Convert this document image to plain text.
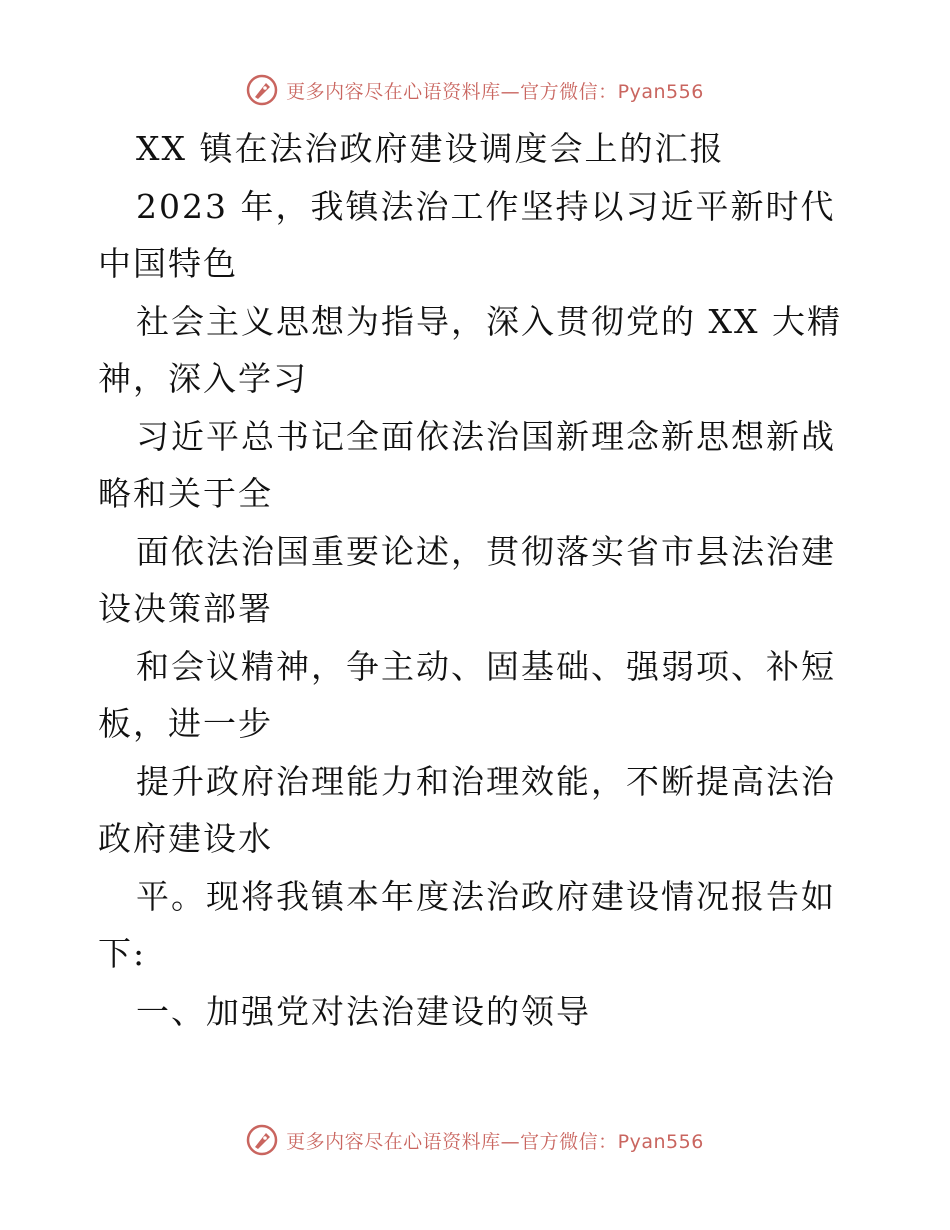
更多内容尽在心语资料库—官方微信：Pyan556

XX 镇在法治政府建设调度会上的汇报

2023 年，我镇法治工作坚持以习近平新时代中国特色

社会主义思想为指导，深入贯彻党的 XX 大精神，深入学习

习近平总书记全面依法治国新理念新思想新战略和关于全

面依法治国重要论述，贯彻落实省市县法治建设决策部署

和会议精神，争主动、固基础、强弱项、补短板，进一步

提升政府治理能力和治理效能，不断提高法治政府建设水

平。现将我镇本年度法治政府建设情况报告如下:

一、加强党对法治建设的领导

更多内容尽在心语资料库—官方微信：Pyan556
